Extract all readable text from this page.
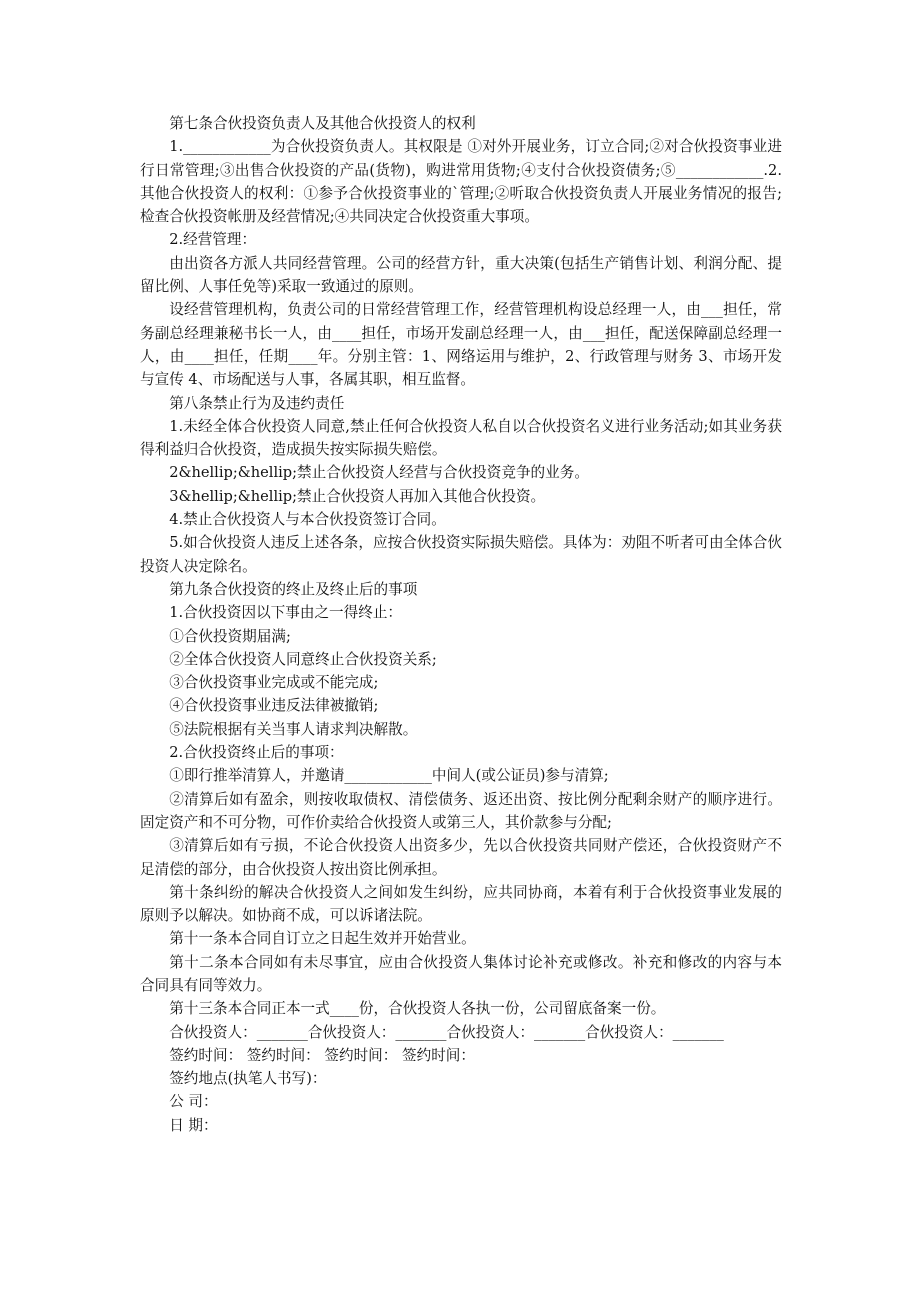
第七条合伙投资负责人及其他合伙投资人的权利

1.____________为合伙投资负责人。其权限是 ①对外开展业务，订立合同;②对合伙投资事业进行日常管理;③出售合伙投资的产品(货物)，购进常用货物;④支付合伙投资债务;⑤____________.2.其他合伙投资人的权利：①参予合伙投资事业的`管理;②听取合伙投资负责人开展业务情况的报告;检查合伙投资帐册及经营情况;④共同决定合伙投资重大事项。

2.经营管理：

由出资各方派人共同经营管理。公司的经营方针，重大决策(包括生产销售计划、利润分配、提留比例、人事任免等)采取一致通过的原则。

设经营管理机构，负责公司的日常经营管理工作，经营管理机构设总经理一人，由___担任，常务副总经理兼秘书长一人，由____担任，市场开发副总经理一人，由___担任，配送保障副总经理一人，由____担任，任期____年。分别主管：1、网络运用与维护，2、行政管理与财务 3、市场开发与宣传 4、市场配送与人事，各属其职，相互监督。

第八条禁止行为及违约责任

1.未经全体合伙投资人同意,禁止任何合伙投资人私自以合伙投资名义进行业务活动;如其业务获得利益归合伙投资，造成损失按实际损失赔偿。

2&hellip;&hellip;禁止合伙投资人经营与合伙投资竞争的业务。

3&hellip;&hellip;禁止合伙投资人再加入其他合伙投资。

4.禁止合伙投资人与本合伙投资签订合同。

5.如合伙投资人违反上述各条，应按合伙投资实际损失赔偿。具体为：劝阻不听者可由全体合伙投资人决定除名。

第九条合伙投资的终止及终止后的事项

1.合伙投资因以下事由之一得终止：

①合伙投资期届满;

②全体合伙投资人同意终止合伙投资关系;

③合伙投资事业完成或不能完成;

④合伙投资事业违反法律被撤销;

⑤法院根据有关当事人请求判决解散。

2.合伙投资终止后的事项：

①即行推举清算人，并邀请____________中间人(或公证员)参与清算;

②清算后如有盈余，则按收取债权、清偿债务、返还出资、按比例分配剩余财产的顺序进行。固定资产和不可分物，可作价卖给合伙投资人或第三人，其价款参与分配;

③清算后如有亏损，不论合伙投资人出资多少，先以合伙投资共同财产偿还，合伙投资财产不足清偿的部分，由合伙投资人按出资比例承担。

第十条纠纷的解决合伙投资人之间如发生纠纷，应共同协商，本着有利于合伙投资事业发展的原则予以解决。如协商不成，可以诉诸法院。

第十一条本合同自订立之日起生效并开始营业。

第十二条本合同如有未尽事宜，应由合伙投资人集体讨论补充或修改。补充和修改的内容与本合同具有同等效力。

第十三条本合同正本一式____份，合伙投资人各执一份，公司留底备案一份。

合伙投资人：_______合伙投资人：_______合伙投资人：_______合伙投资人：_______

签约时间： 签约时间： 签约时间： 签约时间：

签约地点(执笔人书写)：

公 司：

日 期：
